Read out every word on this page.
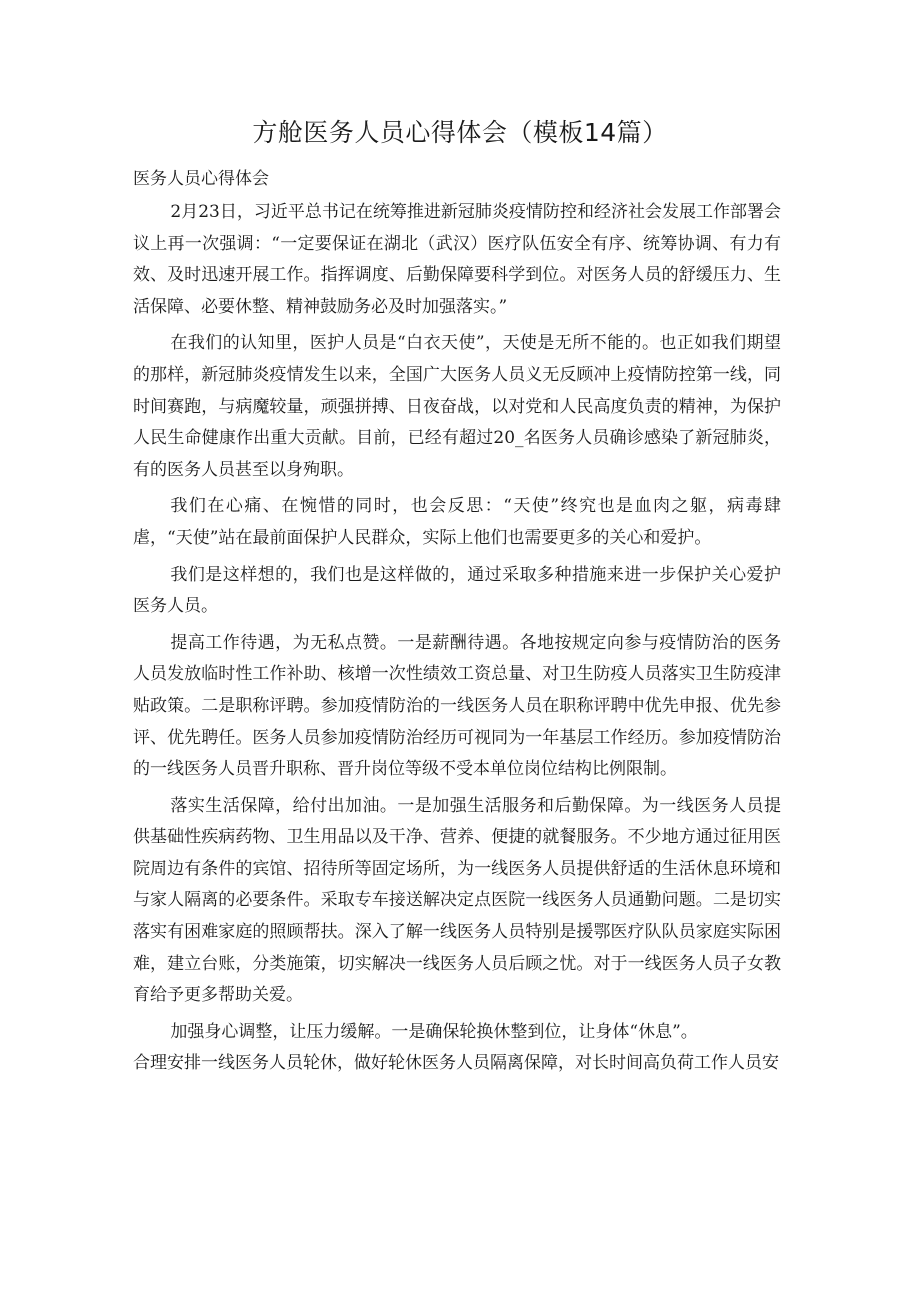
方舱医务人员心得体会（模板14篇）

医务人员心得体会

2月23日，习近平总书记在统筹推进新冠肺炎疫情防控和经济社会发展工作部署会议上再一次强调：“一定要保证在湖北（武汉）医疗队伍安全有序、统筹协调、有力有效、及时迅速开展工作。指挥调度、后勤保障要科学到位。对医务人员的舒缓压力、生活保障、必要休整、精神鼓励务必及时加强落实。”

在我们的认知里，医护人员是“白衣天使”，天使是无所不能的。也正如我们期望的那样，新冠肺炎疫情发生以来，全国广大医务人员义无反顾冲上疫情防控第一线，同时间赛跑，与病魔较量，顽强拼搏、日夜奋战，以对党和人民高度负责的精神，为保护人民生命健康作出重大贡献。目前，已经有超过20_名医务人员确诊感染了新冠肺炎，有的医务人员甚至以身殉职。

我们在心痛、在惋惜的同时，也会反思：“天使”终究也是血肉之躯，病毒肆虐，“天使”站在最前面保护人民群众，实际上他们也需要更多的关心和爱护。

我们是这样想的，我们也是这样做的，通过采取多种措施来进一步保护关心爱护医务人员。

提高工作待遇，为无私点赞。一是薪酬待遇。各地按规定向参与疫情防治的医务人员发放临时性工作补助、核增一次性绩效工资总量、对卫生防疫人员落实卫生防疫津贴政策。二是职称评聘。参加疫情防治的一线医务人员在职称评聘中优先申报、优先参评、优先聘任。医务人员参加疫情防治经历可视同为一年基层工作经历。参加疫情防治的一线医务人员晋升职称、晋升岗位等级不受本单位岗位结构比例限制。

落实生活保障，给付出加油。一是加强生活服务和后勤保障。为一线医务人员提供基础性疾病药物、卫生用品以及干净、营养、便捷的就餐服务。不少地方通过征用医院周边有条件的宾馆、招待所等固定场所，为一线医务人员提供舒适的生活休息环境和与家人隔离的必要条件。采取专车接送解决定点医院一线医务人员通勤问题。二是切实落实有困难家庭的照顾帮扶。深入了解一线医务人员特别是援鄂医疗队队员家庭实际困难，建立台账，分类施策，切实解决一线医务人员后顾之忧。对于一线医务人员子女教育给予更多帮助关爱。

加强身心调整，让压力缓解。一是确保轮换休整到位，让身体“休息”。

合理安排一线医务人员轮休，做好轮休医务人员隔离保障，对长时间高负荷工作人员安
